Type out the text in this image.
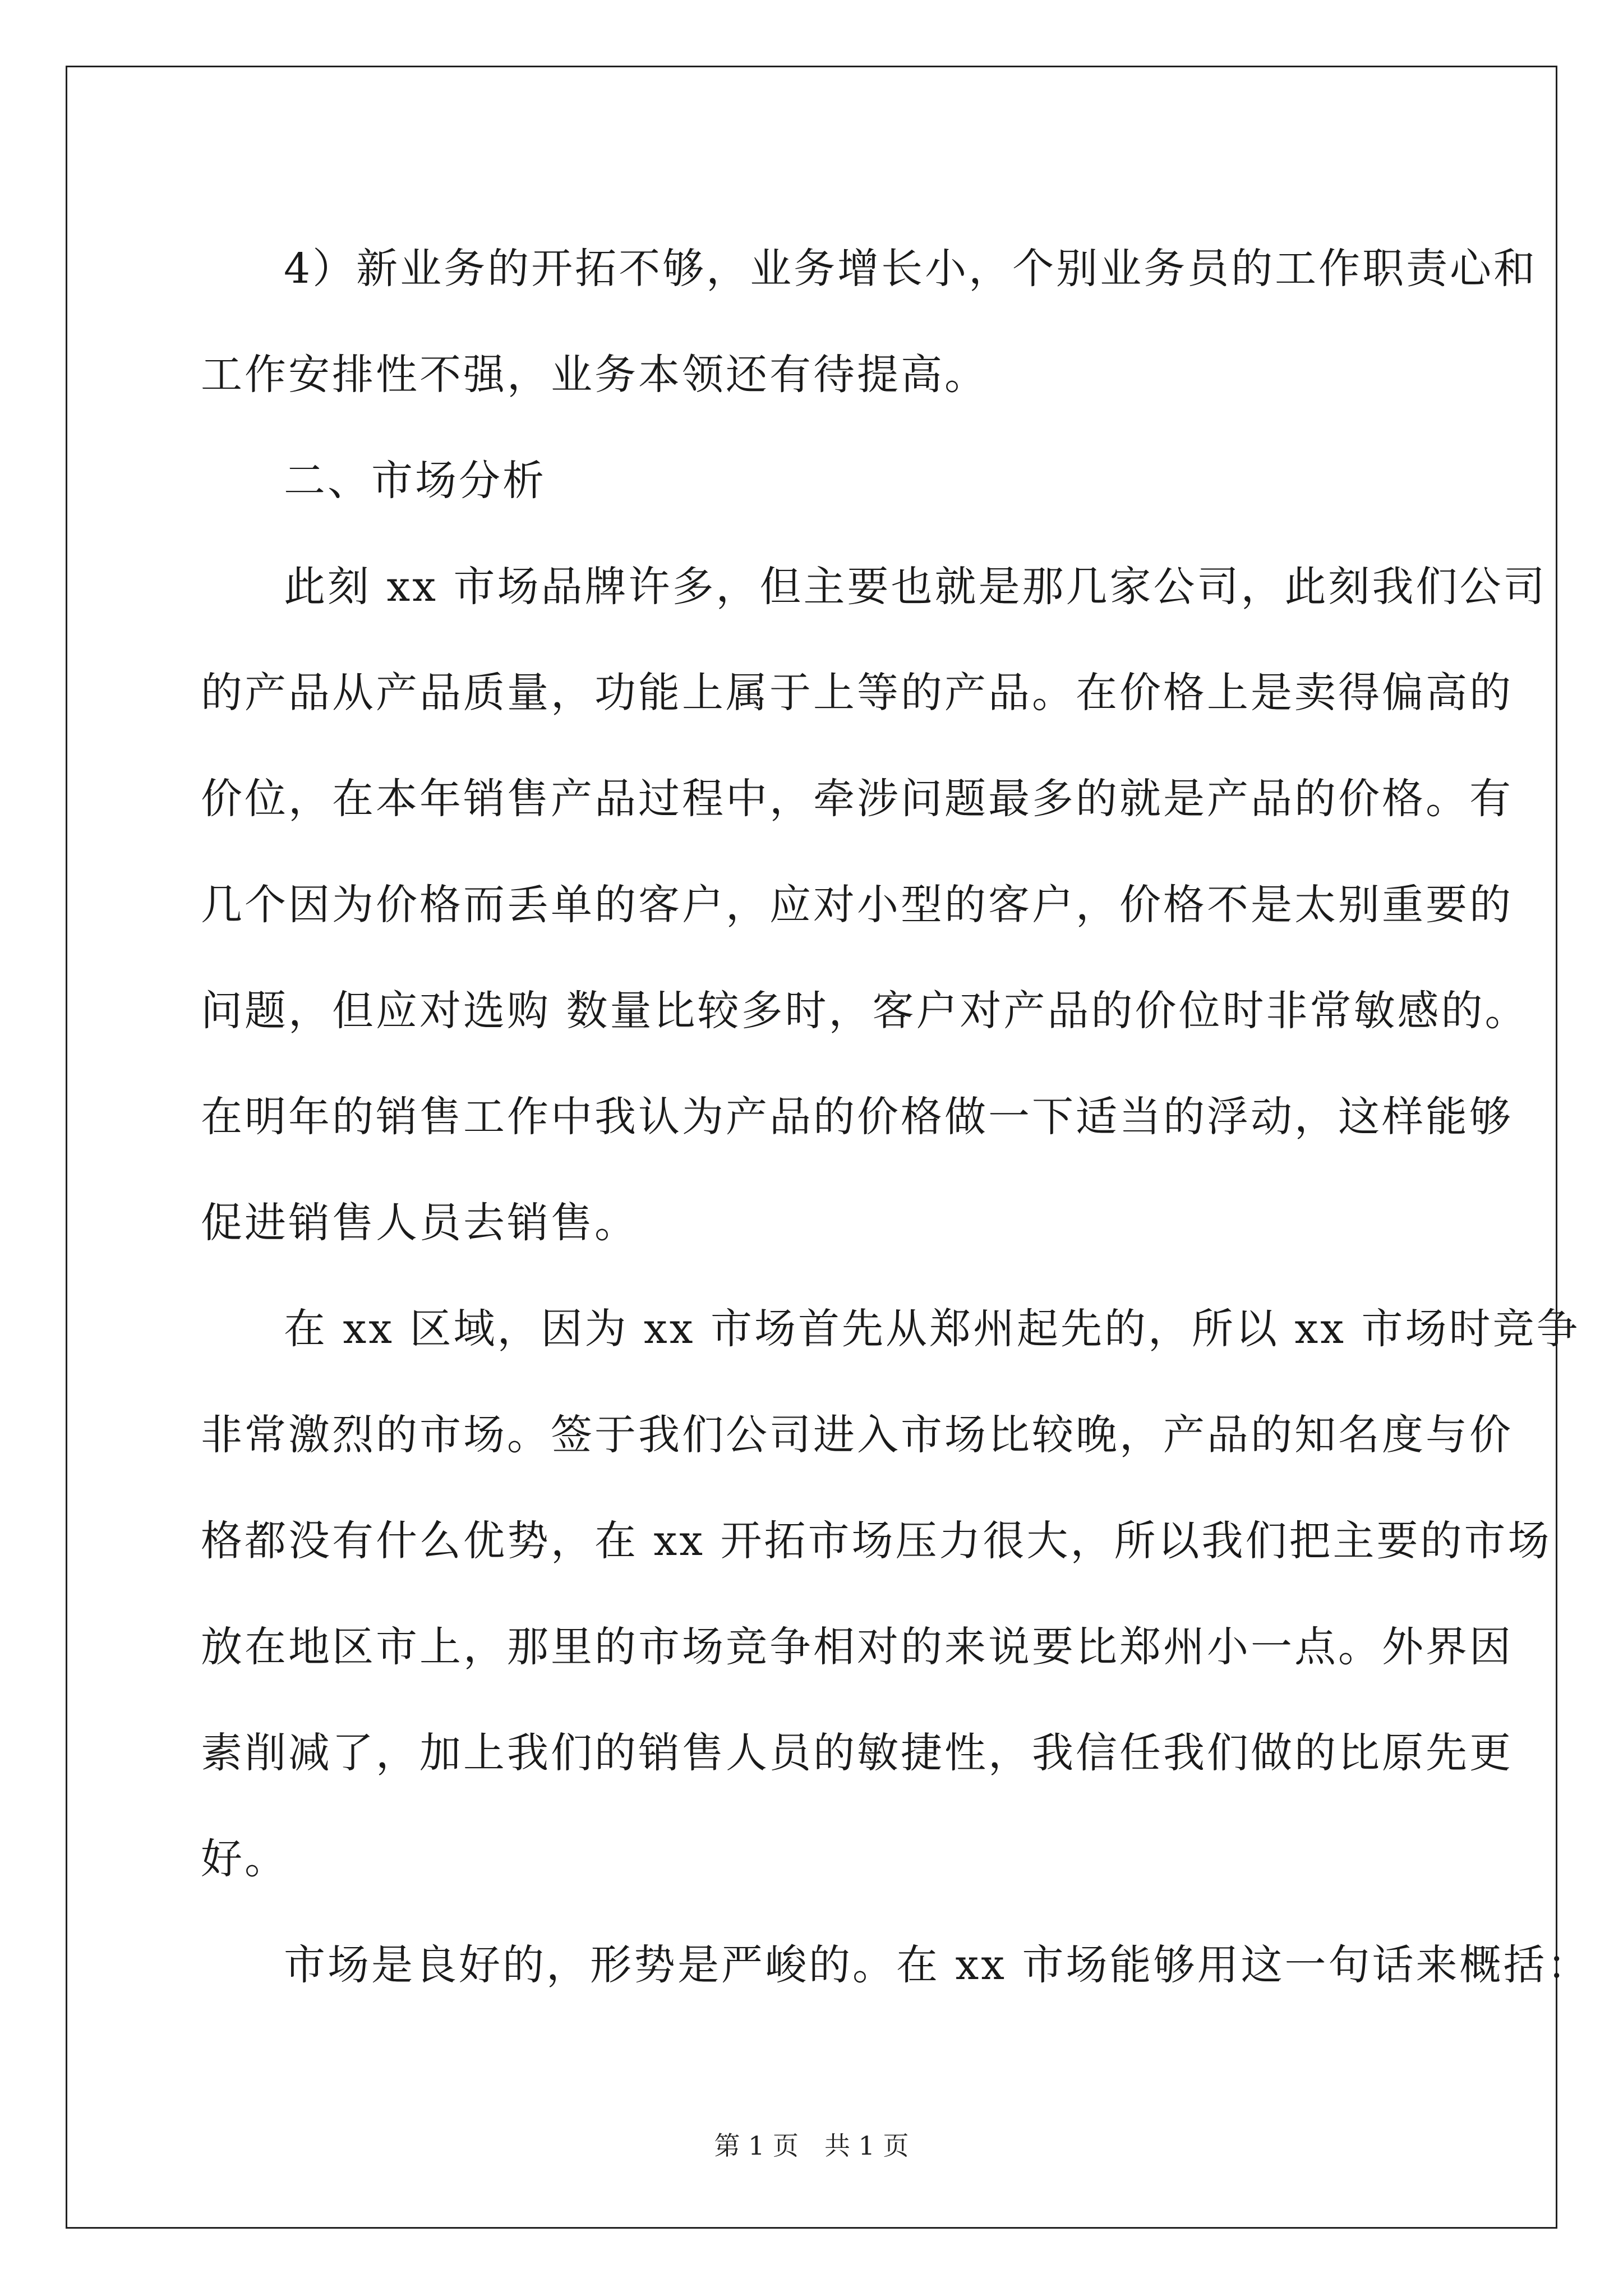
4）新业务的开拓不够，业务增长小，个别业务员的工作职责心和
工作安排性不强，业务本领还有待提高。
二、市场分析
此刻 xx 市场品牌许多，但主要也就是那几家公司，此刻我们公司
的产品从产品质量，功能上属于上等的产品。在价格上是卖得偏高的
价位，在本年销售产品过程中，牵涉问题最多的就是产品的价格。有
几个因为价格而丢单的客户，应对小型的客户，价格不是太别重要的
问题，但应对选购 数量比较多时，客户对产品的价位时非常敏感的。
在明年的销售工作中我认为产品的价格做一下适当的浮动，这样能够
促进销售人员去销售。
在 xx 区域，因为 xx 市场首先从郑州起先的，所以 xx 市场时竞争
非常激烈的市场。签于我们公司进入市场比较晚，产品的知名度与价
格都没有什么优势，在 xx 开拓市场压力很大，所以我们把主要的市场
放在地区市上，那里的市场竞争相对的来说要比郑州小一点。外界因
素削减了，加上我们的销售人员的敏捷性，我信任我们做的比原先更
好。
市场是良好的，形势是严峻的。在 xx 市场能够用这一句话来概括：
第 1 页　共 1 页
